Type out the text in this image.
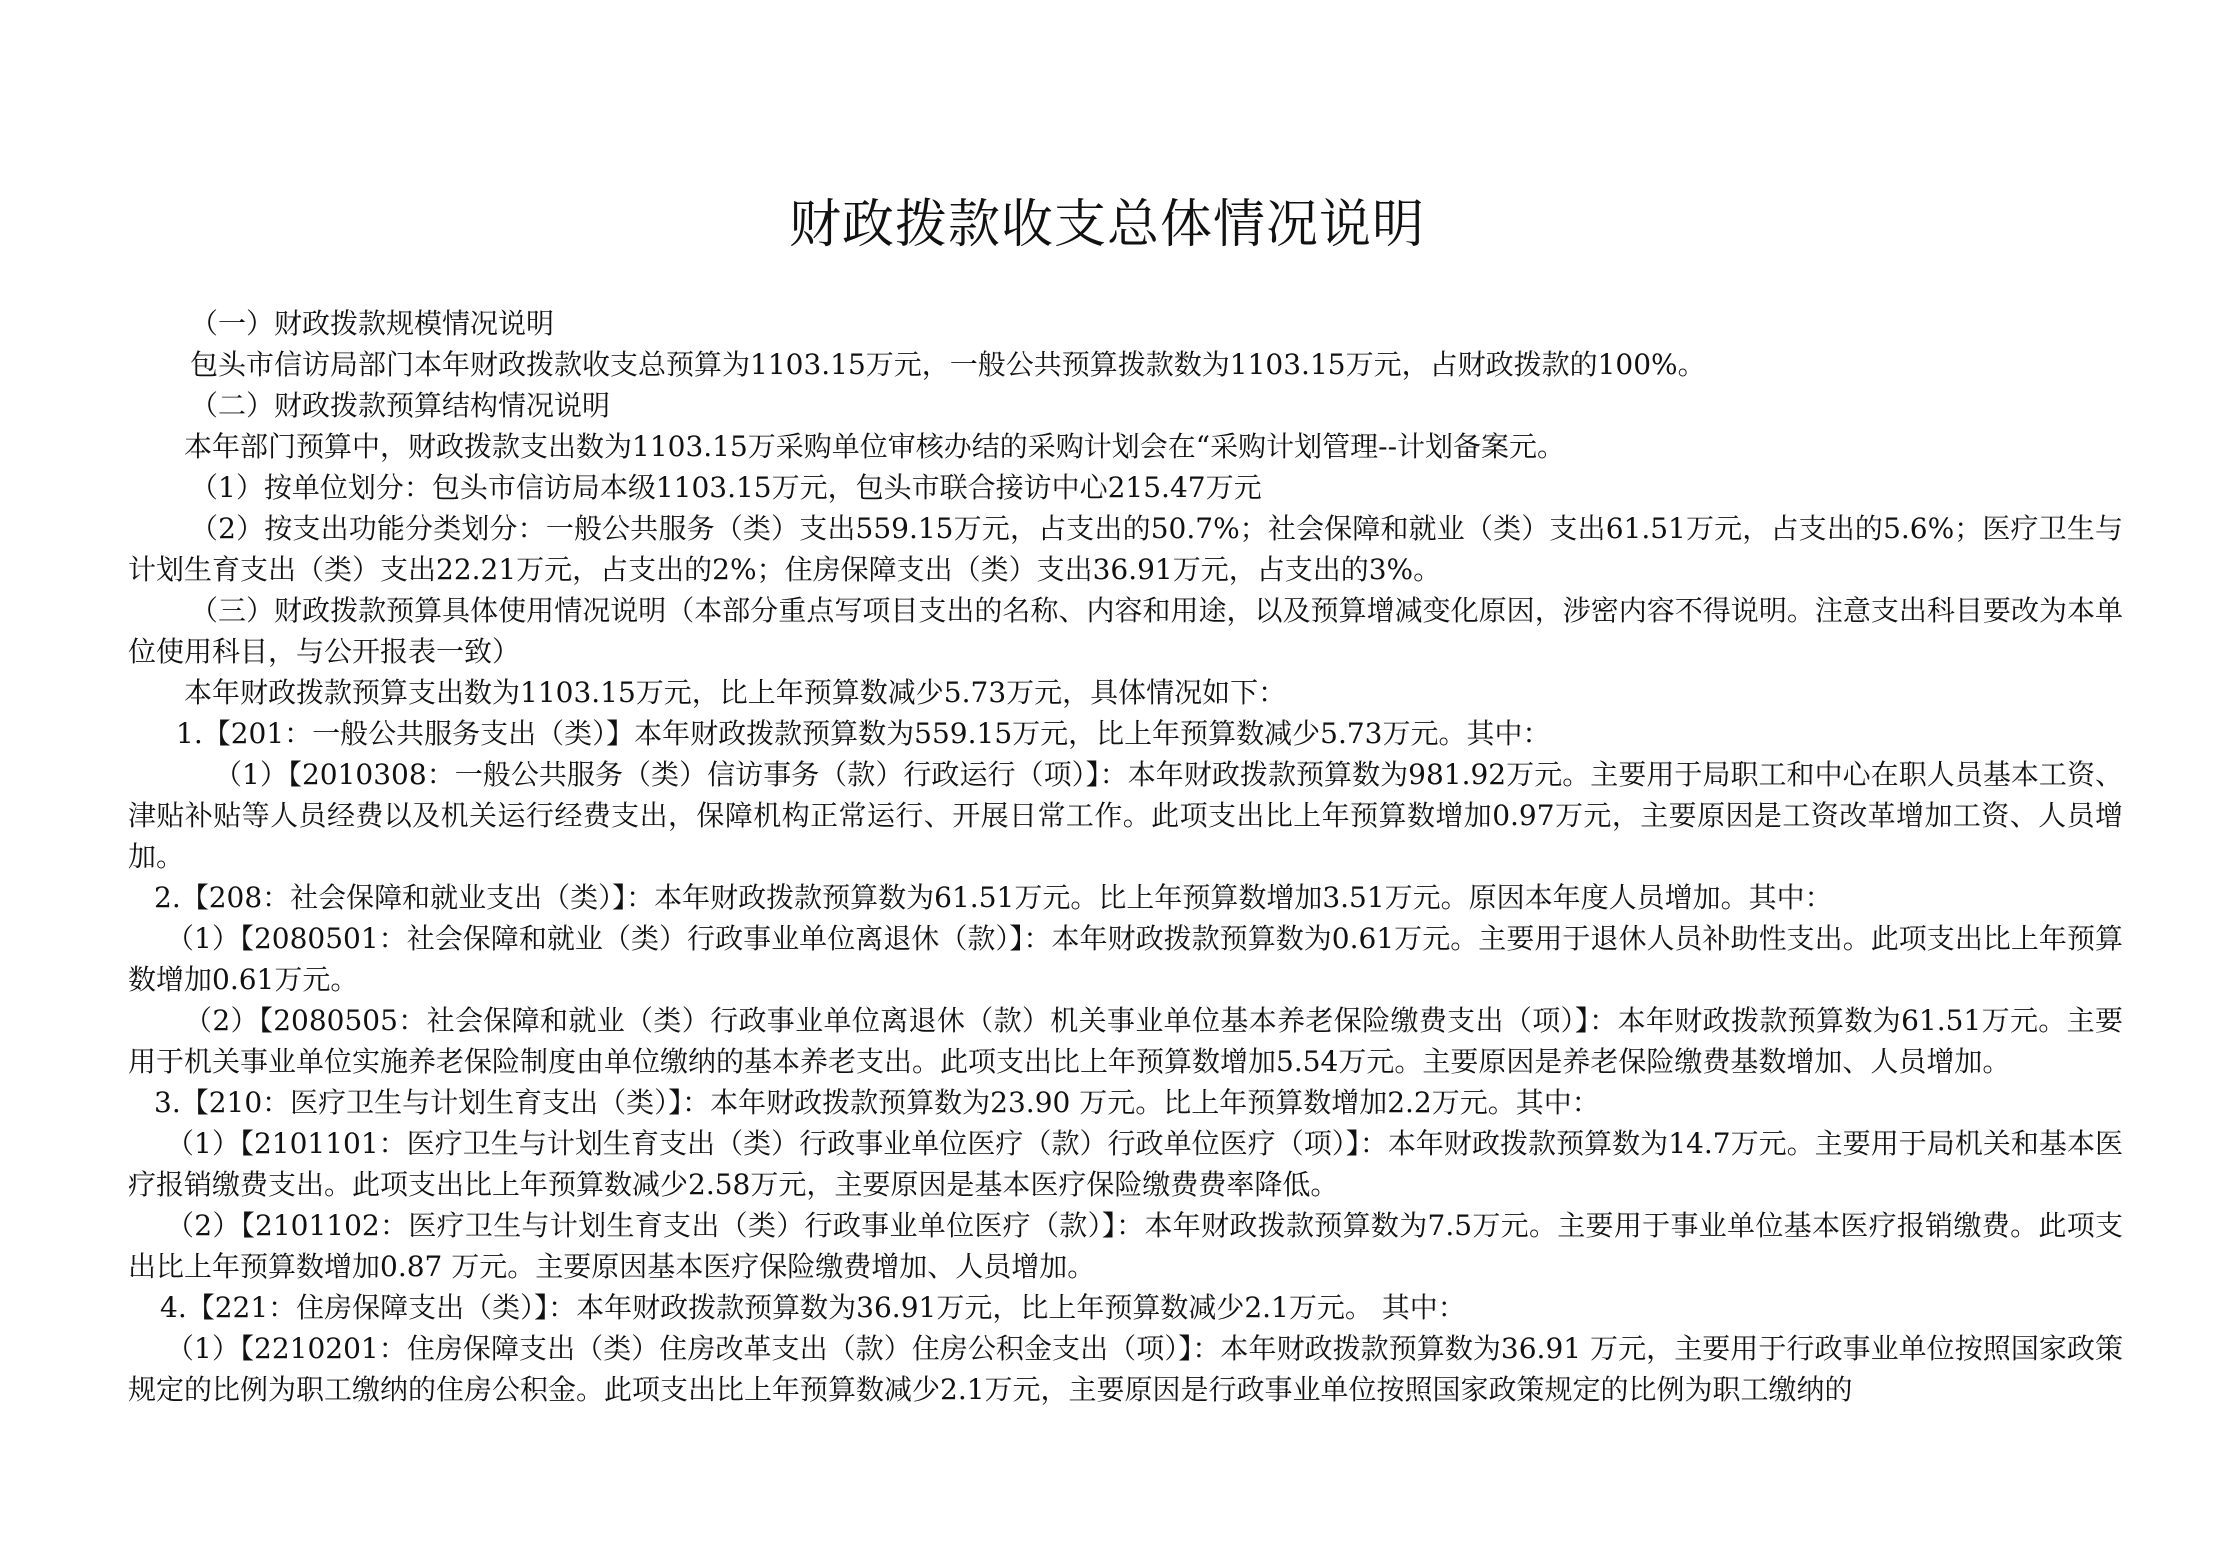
财政拨款收支总体情况说明

（一）财政拨款规模情况说明

包头市信访局部门本年财政拨款收支总预算为1103.15万元，一般公共预算拨款数为1103.15万元，占财政拨款的100%。

（二）财政拨款预算结构情况说明

本年部门预算中，财政拨款支出数为1103.15万采购单位审核办结的采购计划会在“采购计划管理--计划备案元。

（1）按单位划分：包头市信访局本级1103.15万元，包头市联合接访中心215.47万元

（2）按支出功能分类划分：一般公共服务（类）支出559.15万元，占支出的50.7%；社会保障和就业（类）支出61.51万元，占支出的5.6%；医疗卫生与计划生育支出（类）支出22.21万元，占支出的2%；住房保障支出（类）支出36.91万元，占支出的3%。

（三）财政拨款预算具体使用情况说明（本部分重点写项目支出的名称、内容和用途，以及预算增减变化原因，涉密内容不得说明。注意支出科目要改为本单位使用科目，与公开报表一致）

本年财政拨款预算支出数为1103.15万元，比上年预算数减少5.73万元，具体情况如下：

1.【201：一般公共服务支出（类）】本年财政拨款预算数为559.15万元，比上年预算数减少5.73万元。其中：

（1）【2010308：一般公共服务（类）信访事务（款）行政运行（项）】：本年财政拨款预算数为981.92万元。主要用于局职工和中心在职人员基本工资、津贴补贴等人员经费以及机关运行经费支出，保障机构正常运行、开展日常工作。此项支出比上年预算数增加0.97万元，主要原因是工资改革增加工资、人员增加。

2.【208：社会保障和就业支出（类）】：本年财政拨款预算数为61.51万元。比上年预算数增加3.51万元。原因本年度人员增加。其中：

（1）【2080501：社会保障和就业（类）行政事业单位离退休（款）】：本年财政拨款预算数为0.61万元。主要用于退休人员补助性支出。此项支出比上年预算数增加0.61万元。

（2）【2080505：社会保障和就业（类）行政事业单位离退休（款）机关事业单位基本养老保险缴费支出（项）】：本年财政拨款预算数为61.51万元。主要用于机关事业单位实施养老保险制度由单位缴纳的基本养老支出。此项支出比上年预算数增加5.54万元。主要原因是养老保险缴费基数增加、人员增加。

3.【210：医疗卫生与计划生育支出（类）】：本年财政拨款预算数为23.90 万元。比上年预算数增加2.2万元。其中：

（1）【2101101：医疗卫生与计划生育支出（类）行政事业单位医疗（款）行政单位医疗（项）】：本年财政拨款预算数为14.7万元。主要用于局机关和基本医疗报销缴费支出。此项支出比上年预算数减少2.58万元，主要原因是基本医疗保险缴费费率降低。

（2）【2101102：医疗卫生与计划生育支出（类）行政事业单位医疗（款）】：本年财政拨款预算数为7.5万元。主要用于事业单位基本医疗报销缴费。此项支出比上年预算数增加0.87 万元。主要原因基本医疗保险缴费增加、人员增加。

4.【221：住房保障支出（类）】：本年财政拨款预算数为36.91万元，比上年预算数减少2.1万元。 其中：

（1）【2210201：住房保障支出（类）住房改革支出（款）住房公积金支出（项）】：本年财政拨款预算数为36.91 万元，主要用于行政事业单位按照国家政策规定的比例为职工缴纳的住房公积金。此项支出比上年预算数减少2.1万元，主要原因是行政事业单位按照国家政策规定的比例为职工缴纳的
